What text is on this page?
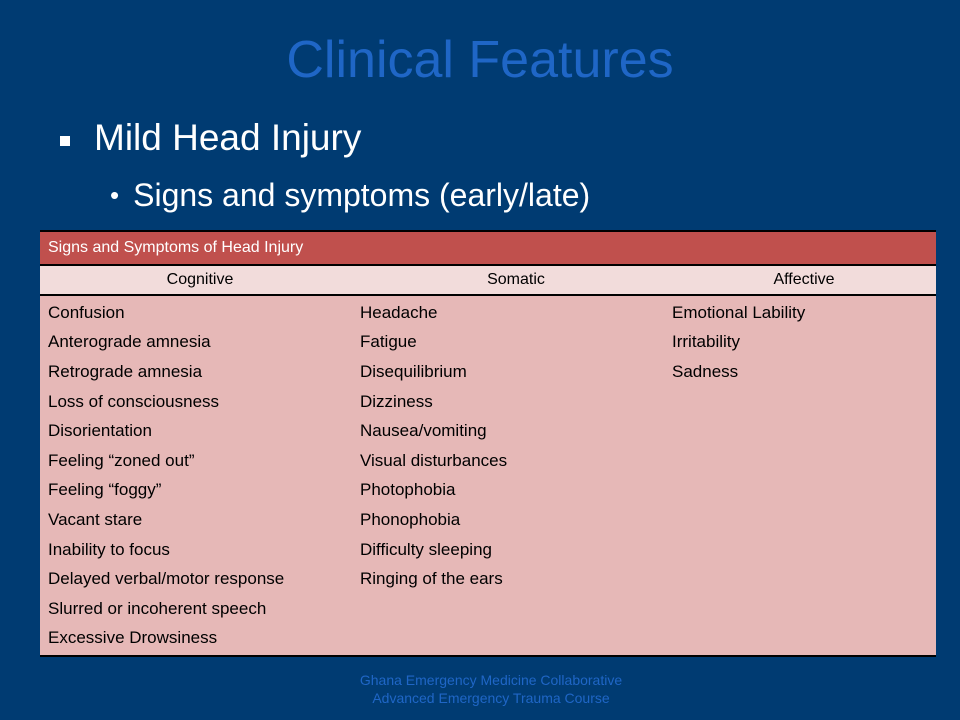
Clinical Features
Mild Head Injury
• Signs and symptoms (early/late)
Signs and Symptoms of Head Injury
Cognitive	Somatic	Affective
Confusion	Headache	Emotional Lability
Anterograde amnesia	Fatigue	Irritability
Retrograde amnesia	Disequilibrium	Sadness
Loss of consciousness	Dizziness
Disorientation	Nausea/vomiting
Feeling “zoned out”	Visual disturbances
Feeling “foggy”	Photophobia
Vacant stare	Phonophobia
Inability to focus	Difficulty sleeping
Delayed verbal/motor response	Ringing of the ears
Slurred or incoherent speech
Excessive Drowsiness
Ghana Emergency Medicine Collaborative
Advanced Emergency Trauma Course
